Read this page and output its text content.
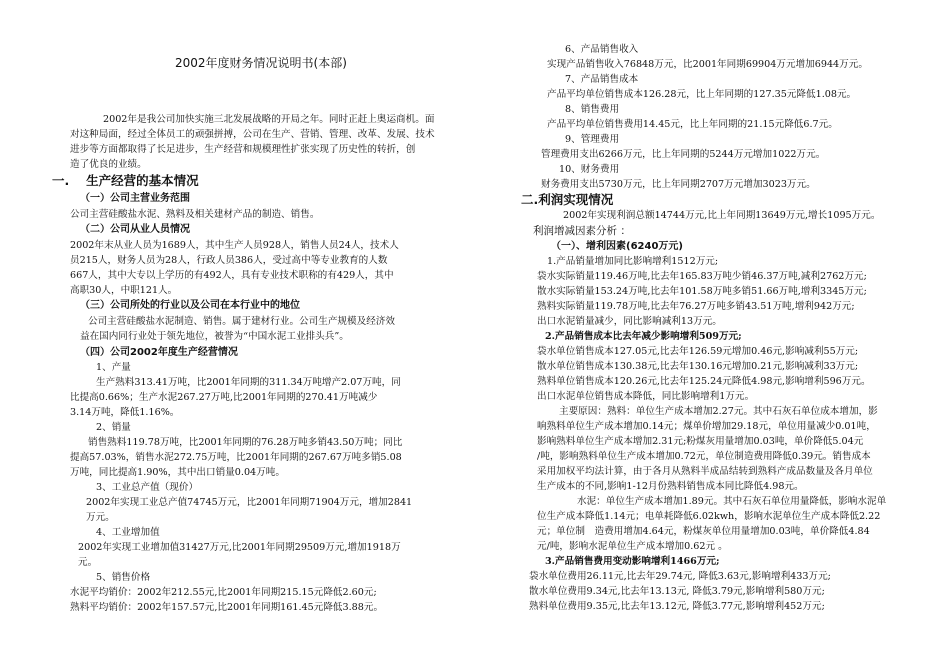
2002年度财务情况说明书(本部)
2002年是我公司加快实施三北发展战略的开局之年。同时正赶上奥运商机。面
对这种局面，经过全体员工的顽强拼搏，公司在生产、营销、管理、改革、发展、技术
进步等方面都取得了长足进步，生产经营和规模理性扩张实现了历史性的转折，创
造了优良的业绩。
一.　 生产经营的基本情况
（一）公司主营业务范围
公司主营硅酸盐水泥、熟料及相关建材产品的制造、销售。
（二）公司从业人员情况
2002年末从业人员为1689人，其中生产人员928人，销售人员24人，技术人
员215人，财务人员为28人，行政人员386人，受过高中等专业教育的人数
667人，其中大专以上学历的有492人，具有专业技术职称的有429人，其中
高职30人，中职121人。
（三）公司所处的行业以及公司在本行业中的地位
公司主营硅酸盐水泥制造、销售。属于建材行业。公司生产规模及经济效
益在国内同行业处于领先地位，被誉为“中国水泥工业排头兵”。
（四）公司2002年度生产经营情况
1、产量
生产熟料313.41万吨，比2001年同期的311.34万吨增产2.07万吨，同
比提高0.66%；生产水泥267.27万吨,比2001年同期的270.41万吨减少
3.14万吨，降低1.16%。
2、销量
销售熟料119.78万吨，比2001年同期的76.28万吨多销43.50万吨；同比
提高57.03%，销售水泥272.75万吨，比2001年同期的267.67万吨多销5.08
万吨，同比提高1.90%，其中出口销量0.04万吨。
3、工业总产值（现价）
2002年实现工业总产值74745万元，比2001年同期71904万元，增加2841
万元。
4、工业增加值
2002年实现工业增加值31427万元,比2001年同期29509万元,增加1918万
元。
5、销售价格
水泥平均销价：2002年212.55元,比2001年同期215.15元降低2.60元;
熟料平均销价：2002年157.57元,比2001年同期161.45元降低3.88元。
6、产品销售收入
实现产品销售收入76848万元，比2001年同期69904万元增加6944万元。
7、产品销售成本
产品平均单位销售成本126.28元，比上年同期的127.35元降低1.08元。
8、销售费用
产品平均单位销售费用14.45元，比上年同期的21.15元降低6.7元。
9、管理费用
管理费用支出6266万元，比上年同期的5244万元增加1022万元。
10、财务费用
财务费用支出5730万元，比上年同期2707万元增加3023万元。
二.利润实现情况
2002年实现利润总额14744万元,比上年同期13649万元,增长1095万元。
利润增减因素分析 ：
（一）、增利因素(6240万元)
1.产品销量增加同比影响增利1512万元;
袋水实际销量119.46万吨,比去年165.83万吨少销46.37万吨,减利2762万元;
散水实际销量153.24万吨,比去年101.58万吨多销51.66万吨,增利3345万元;
熟料实际销量119.78万吨,比去年76.27万吨多销43.51万吨,增利942万元;
出口水泥销量减少，同比影响减利13万元。
2.产品销售成本比去年减少影响增利509万元;
袋水单位销售成本127.05元,比去年126.59元增加0.46元,影响减利55万元;
散水单位销售成本130.38元,比去年130.16元增加0.21元,影响减利33万元;
熟料单位销售成本120.26元,比去年125.24元降低4.98元,影响增利596万元。
出口水泥单位销售成本降低，同比影响增利1万元。
主要原因：熟料：单位生产成本增加2.27元。其中石灰石单位成本增加，影
响熟料单位生产成本增加0.14元；煤单价增加29.18元，单位用量减少0.01吨，
影响熟料单位生产成本增加2.31元;粉煤灰用量增加0.03吨，单价降低5.04元
/吨，影响熟料单位生产成本增加0.72元，单位制造费用降低0.39元。销售成本
采用加权平均法计算，由于各月从熟料半成品结转到熟料产成品数量及各月单位
生产成本的不同,影响1-12月份熟料销售成本同比降低4.98元。
水泥：单位生产成本增加1.89元。其中石灰石单位用量降低，影响水泥单
位生产成本降低1.14元；电单耗降低6.02kwh，影响水泥单位生产成本降低2.22
元；单位制　造费用增加4.64元，粉煤灰单位用量增加0.03吨，单价降低4.84
元/吨，影响水泥单位生产成本增加0.62元 。
3.产品销售费用变动影响增利1466万元;
袋水单位费用26.11元,比去年29.74元, 降低3.63元,影响增利433万元;
散水单位费用9.34元,比去年13.13元, 降低3.79元,影响增利580万元;
熟料单位费用9.35元,比去年13.12元, 降低3.77元,影响增利452万元;
